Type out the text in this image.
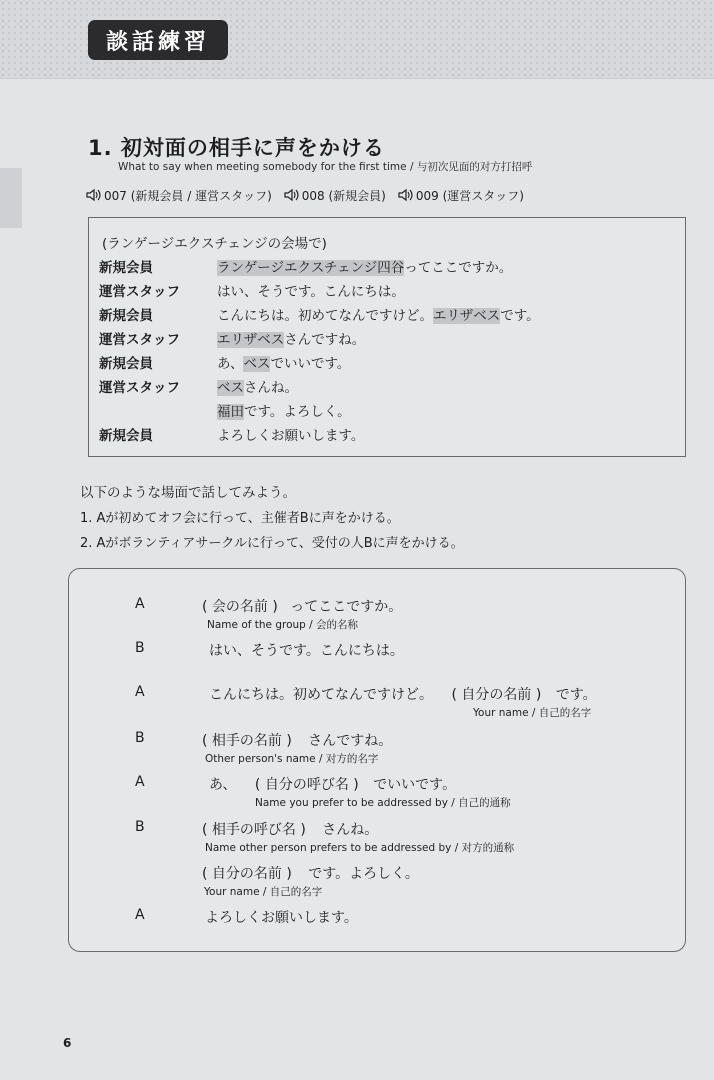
談話練習
1. 初対面の相手に声をかける
What to say when meeting somebody for the first time / 与初次见面的对方打招呼
007 (新規会員 / 運営スタッフ)	008 (新規会員)	009 (運営スタッフ)
(ランゲージエクスチェンジの会場で)
新規会員	ランゲージエクスチェンジ四谷ってここですか。
運営スタッフ	はい、そうです。こんにちは。
新規会員	こんにちは。初めてなんですけど。エリザベスです。
運営スタッフ	エリザベスさんですね。
新規会員	あ、ベスでいいです。
運営スタッフ	ベスさんね。
福田です。よろしく。
新規会員	よろしくお願いします。
以下のような場面で話してみよう。
1. Aが初めてオフ会に行って、主催者Bに声をかける。
2. Aがボランティアサークルに行って、受付の人Bに声をかける。
A	( 会の名前 ) ってここですか。
Name of the group / 会的名称
B	はい、そうです。こんにちは。
A	こんにちは。初めてなんですけど。 ( 自分の名前 ) です。
Your name / 自己的名字
B	( 相手の名前 ) さんですね。
Other person's name / 对方的名字
A	あ、 ( 自分の呼び名 ) でいいです。
Name you prefer to be addressed by / 自己的通称
B	( 相手の呼び名 ) さんね。
Name other person prefers to be addressed by / 对方的通称
( 自分の名前 ) です。よろしく。
Your name / 自己的名字
A	よろしくお願いします。
6
